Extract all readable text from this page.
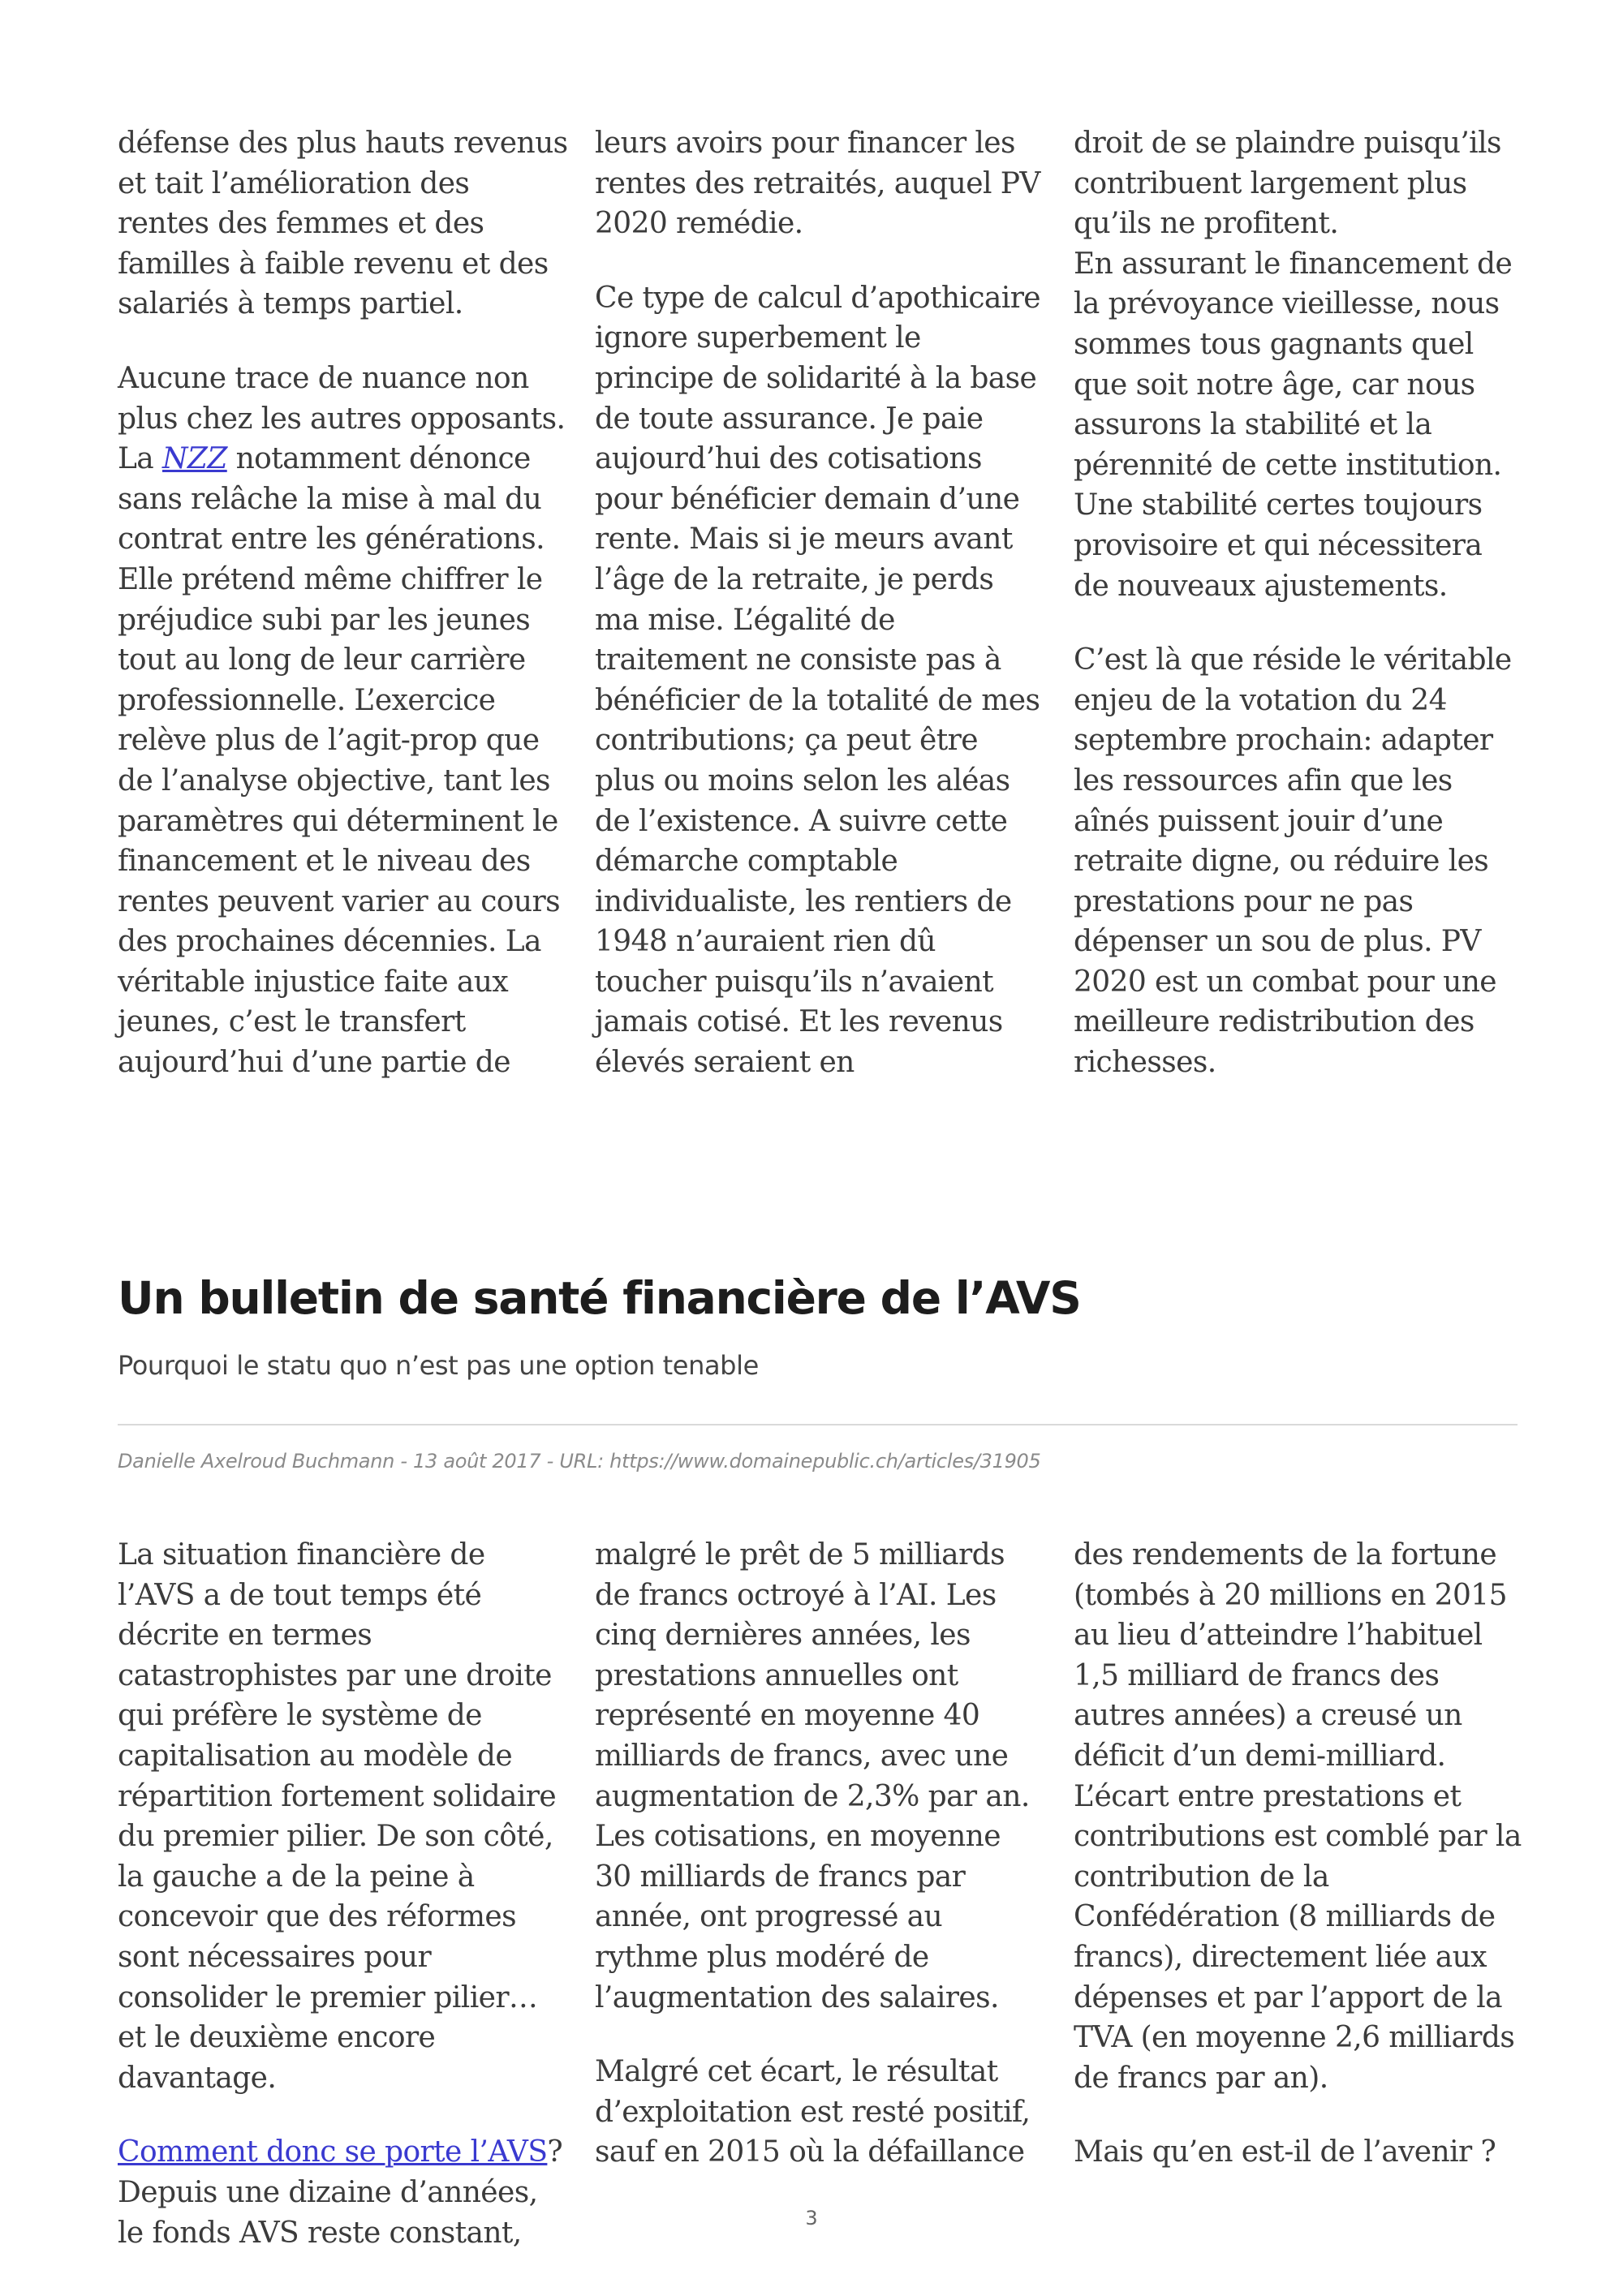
défense des plus hauts revenus et tait l’amélioration des rentes des femmes et des familles à faible revenu et des salariés à temps partiel.

Aucune trace de nuance non plus chez les autres opposants. La NZZ notamment dénonce sans relâche la mise à mal du contrat entre les générations. Elle prétend même chiffrer le préjudice subi par les jeunes tout au long de leur carrière professionnelle. L’exercice relève plus de l’agit-prop que de l’analyse objective, tant les paramètres qui déterminent le financement et le niveau des rentes peuvent varier au cours des prochaines décennies. La véritable injustice faite aux jeunes, c’est le transfert aujourd’hui d’une partie de

leurs avoirs pour financer les rentes des retraités, auquel PV 2020 remédie.

Ce type de calcul d’apothicaire ignore superbement le principe de solidarité à la base de toute assurance. Je paie aujourd’hui des cotisations pour bénéficier demain d’une rente. Mais si je meurs avant l’âge de la retraite, je perds ma mise. L’égalité de traitement ne consiste pas à bénéficier de la totalité de mes contributions; ça peut être plus ou moins selon les aléas de l’existence. A suivre cette démarche comptable individualiste, les rentiers de 1948 n’auraient rien dû toucher puisqu’ils n’avaient jamais cotisé. Et les revenus élevés seraient en

droit de se plaindre puisqu’ils contribuent largement plus qu’ils ne profitent.

En assurant le financement de la prévoyance vieillesse, nous sommes tous gagnants quel que soit notre âge, car nous assurons la stabilité et la pérennité de cette institution. Une stabilité certes toujours provisoire et qui nécessitera de nouveaux ajustements.

C’est là que réside le véritable enjeu de la votation du 24 septembre prochain: adapter les ressources afin que les aînés puissent jouir d’une retraite digne, ou réduire les prestations pour ne pas dépenser un sou de plus. PV 2020 est un combat pour une meilleure redistribution des richesses.

Un bulletin de santé financière de l’AVS
Pourquoi le statu quo n’est pas une option tenable
Danielle Axelroud Buchmann - 13 août 2017 - URL: https://www.domainepublic.ch/articles/31905

La situation financière de l’AVS a de tout temps été décrite en termes catastrophistes par une droite qui préfère le système de capitalisation au modèle de répartition fortement solidaire du premier pilier. De son côté, la gauche a de la peine à concevoir que des réformes sont nécessaires pour consolider le premier pilier… et le deuxième encore davantage.

Comment donc se porte l’AVS? Depuis une dizaine d’années, le fonds AVS reste constant,

malgré le prêt de 5 milliards de francs octroyé à l’AI. Les cinq dernières années, les prestations annuelles ont représenté en moyenne 40 milliards de francs, avec une augmentation de 2,3% par an. Les cotisations, en moyenne 30 milliards de francs par année, ont progressé au rythme plus modéré de l’augmentation des salaires.

Malgré cet écart, le résultat d’exploitation est resté positif, sauf en 2015 où la défaillance

des rendements de la fortune (tombés à 20 millions en 2015 au lieu d’atteindre l’habituel 1,5 milliard de francs des autres années) a creusé un déficit d’un demi-milliard.

L’écart entre prestations et contributions est comblé par la contribution de la Confédération (8 milliards de francs), directement liée aux dépenses et par l’apport de la TVA (en moyenne 2,6 milliards de francs par an).

Mais qu’en est-il de l’avenir ?

3
